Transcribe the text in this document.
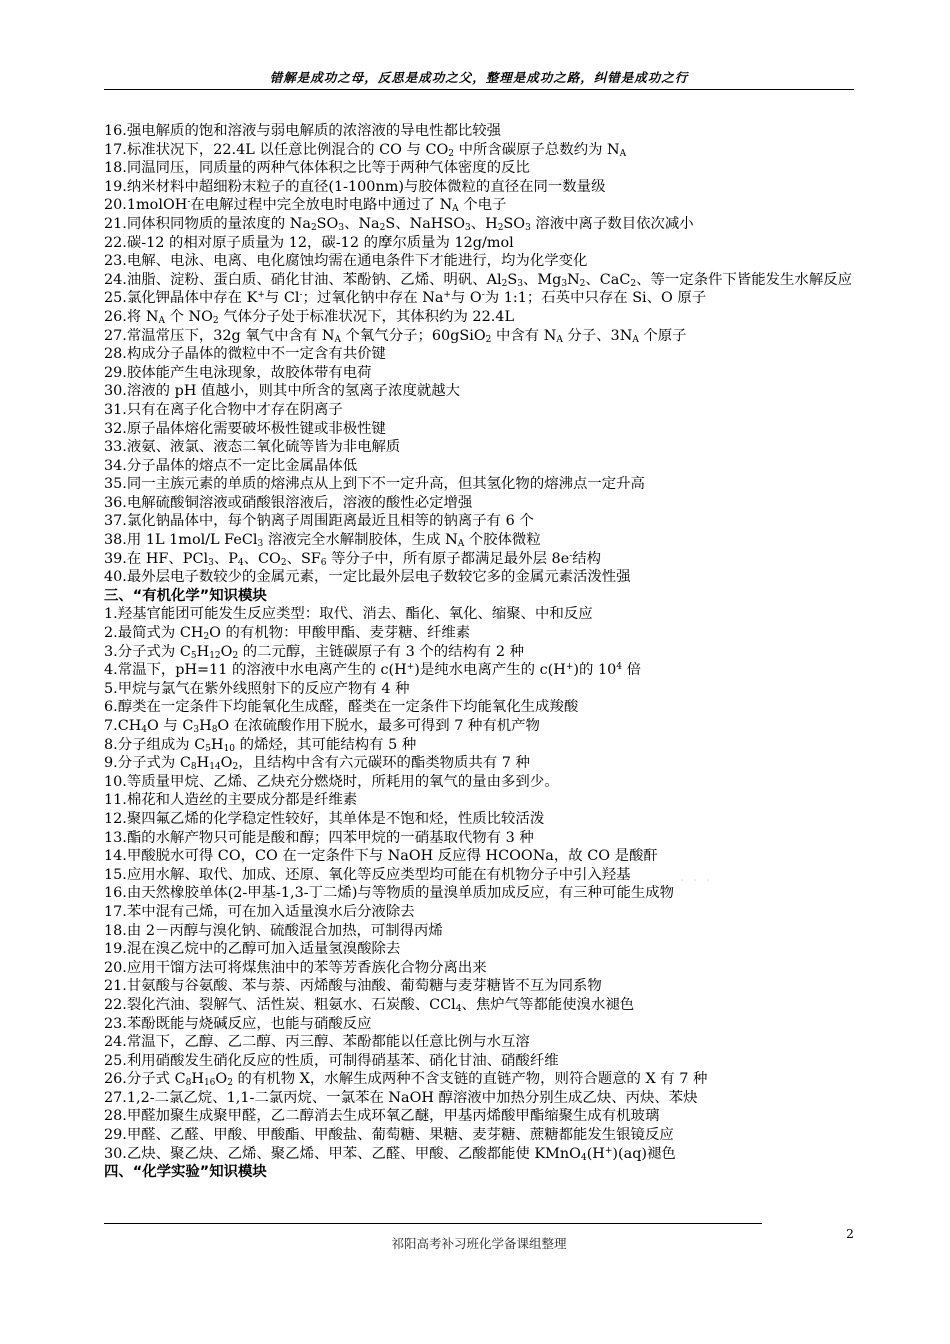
错解是成功之母，反思是成功之父，整理是成功之路，纠错是成功之行
16.强电解质的饱和溶液与弱电解质的浓溶液的导电性都比较强
17.标准状况下，22.4L 以任意比例混合的 CO 与 $CO_2$ 中所含碳原子总数约为 $N_A$
18.同温同压，同质量的两种气体体积之比等于两种气体密度的反比
19.纳米材料中超细粉末粒子的直径(1-100nm)与胶体微粒的直径在同一数量级
20.1molOH-在电解过程中完全放电时电路中通过了 $N_A$ 个电子
21.同体积同物质的量浓度的 $Na_2SO_3$、$Na_2S$、NaHSO$_3$、$H_2SO_3$ 溶液中离子数目依次减小
22.碳-12 的相对原子质量为 12，碳-12 的摩尔质量为 12g/mol
23.电解、电泳、电离、电化腐蚀均需在通电条件下才能进行，均为化学变化
24.油脂、淀粉、蛋白质、硝化甘油、苯酚钠、乙烯、明矾、$Al_2S_3$、$Mg_3N_2$、CaC$_2$、等一定条件下皆能发生水解反应
25.氯化钾晶体中存在 K+与 Cl-；过氧化钠中存在 Na+与 O-为 1:1；石英中只存在 Si、O 原子
26.将 $N_A$ 个 $NO_2$ 气体分子处于标准状况下，其体积约为 22.4L
27.常温常压下，32g 氧气中含有 $N_A$ 个氧气分子；60gSiO$_2$ 中含有 $N_A$ 分子、$3N_A$ 个原子
28.构成分子晶体的微粒中不一定含有共价键
29.胶体能产生电泳现象，故胶体带有电荷
30.溶液的 pH 值越小，则其中所含的氢离子浓度就越大
31.只有在离子化合物中才存在阴离子
32.原子晶体熔化需要破坏极性键或非极性键
33.液氨、液氯、液态二氧化硫等皆为非电解质
34.分子晶体的熔点不一定比金属晶体低
35.同一主族元素的单质的熔沸点从上到下不一定升高，但其氢化物的熔沸点一定升高
36.电解硫酸铜溶液或硝酸银溶液后，溶液的酸性必定增强
37.氯化钠晶体中，每个钠离子周围距离最近且相等的钠离子有 6 个
38.用 1L 1mol/L FeCl$_3$ 溶液完全水解制胶体，生成 $N_A$ 个胶体微粒
39.在 HF、PCl$_3$、$P_4$、$CO_2$、$SF_6$ 等分子中，所有原子都满足最外层 8e-结构
40.最外层电子数较少的金属元素，一定比最外层电子数较它多的金属元素活泼性强
三、“有机化学”知识模块
1.羟基官能团可能发生反应类型：取代、消去、酯化、氧化、缩聚、中和反应
2.最简式为 $CH_2O$ 的有机物：甲酸甲酯、麦芽糖、纤维素
3.分子式为 $C_5H_{12}O_2$ 的二元醇，主链碳原子有 3 个的结构有 2 种
4.常温下，pH=11 的溶液中水电离产生的 c(H+)是纯水电离产生的 c(H+)的 $10^4$ 倍
5.甲烷与氯气在紫外线照射下的反应产物有 4 种
6.醇类在一定条件下均能氧化生成醛，醛类在一定条件下均能氧化生成羧酸
$7.CH_4O$ 与 $C_3H_8O$ 在浓硫酸作用下脱水，最多可得到 7 种有机产物
8.分子组成为 $C_5H_{10}$ 的烯烃，其可能结构有 5 种
9.分子式为 $C_8H_{14}O_2$，且结构中含有六元碳环的酯类物质共有 7 种
10.等质量甲烷、乙烯、乙炔充分燃烧时，所耗用的氧气的量由多到少。
11.棉花和人造丝的主要成分都是纤维素
12.聚四氟乙烯的化学稳定性较好，其单体是不饱和烃，性质比较活泼
13.酯的水解产物只可能是酸和醇；四苯甲烷的一硝基取代物有 3 种
14.甲酸脱水可得 CO，CO 在一定条件下与 NaOH 反应得 HCOONa，故 CO 是酸酐
15.应用水解、取代、加成、还原、氧化等反应类型均可能在有机物分子中引入羟基
16.由天然橡胶单体(2-甲基-1,3-丁二烯)与等物质的量溴单质加成反应，有三种可能生成物
17.苯中混有己烯，可在加入适量溴水后分液除去
18.由 2－丙醇与溴化钠、硫酸混合加热，可制得丙烯
19.混在溴乙烷中的乙醇可加入适量氢溴酸除去
20.应用干馏方法可将煤焦油中的苯等芳香族化合物分离出来
21.甘氨酸与谷氨酸、苯与萘、丙烯酸与油酸、葡萄糖与麦芽糖皆不互为同系物
22.裂化汽油、裂解气、活性炭、粗氨水、石炭酸、CCl$_4$、焦炉气等都能使溴水褪色
23.苯酚既能与烧碱反应，也能与硝酸反应
24.常温下，乙醇、乙二醇、丙三醇、苯酚都能以任意比例与水互溶
25.利用硝酸发生硝化反应的性质，可制得硝基苯、硝化甘油、硝酸纤维
26.分子式 $C_8H_{16}O_2$ 的有机物 X，水解生成两种不含支链的直链产物，则符合题意的 X 有 7 种
27.1,2-二氯乙烷、1,1-二氯丙烷、一氯苯在 NaOH 醇溶液中加热分别生成乙炔、丙炔、苯炔
28.甲醛加聚生成聚甲醛，乙二醇消去生成环氧乙醚，甲基丙烯酸甲酯缩聚生成有机玻璃
29.甲醛、乙醛、甲酸、甲酸酯、甲酸盐、葡萄糖、果糖、麦芽糖、蔗糖都能发生银镜反应
30.乙炔、聚乙炔、乙烯、聚乙烯、甲苯、乙醛、甲酸、乙酸都能使 KMnO$_4$(H+)(aq)褪色
四、“化学实验”知识模块
· · ·
祁阳高考补习班化学备课组整理
2
